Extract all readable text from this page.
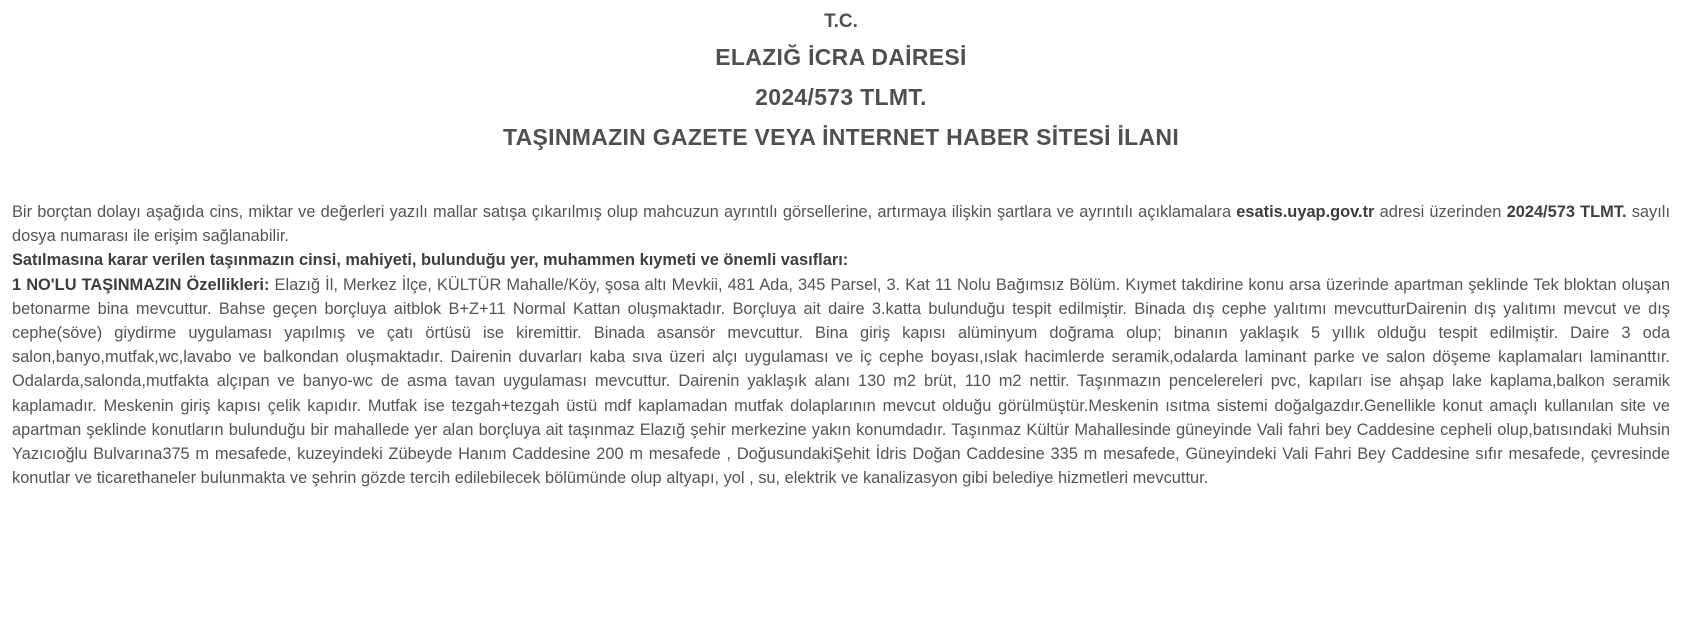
T.C.

ELAZIĞ İCRA DAİRESİ

2024/573 TLMT.

TAŞINMAZIN GAZETE VEYA İNTERNET HABER SİTESİ İLANI

Bir borçtan dolayı aşağıda cins, miktar ve değerleri yazılı mallar satışa çıkarılmış olup mahcuzun ayrıntılı görsellerine, artırmaya ilişkin şartlara ve ayrıntılı açıklamalara esatis.uyap.gov.tr adresi üzerinden 2024/573 TLMT. sayılı dosya numarası ile erişim sağlanabilir.

Satılmasına karar verilen taşınmazın cinsi, mahiyeti, bulunduğu yer, muhammen kıymeti ve önemli vasıfları:

1 NO'LU TAŞINMAZIN Özellikleri: Elazığ İl, Merkez İlçe, KÜLTÜR Mahalle/Köy, şosa altı Mevkii, 481 Ada, 345 Parsel, 3. Kat 11 Nolu Bağımsız Bölüm. Kıymet takdirine konu arsa üzerinde apartman şeklinde Tek bloktan oluşan betonarme bina mevcuttur. Bahse geçen borçluya aitblok B+Z+11 Normal Kattan oluşmaktadır. Borçluya ait daire 3.katta bulunduğu tespit edilmiştir. Binada dış cephe yalıtımı mevcutturDairenin dış yalıtımı mevcut ve dış cephe(söve) giydirme uygulaması yapılmış ve çatı örtüsü ise kiremittir. Binada asansör mevcuttur. Bina giriş kapısı alüminyum doğrama olup; binanın yaklaşık 5 yıllık olduğu tespit edilmiştir. Daire 3 oda salon,banyo,mutfak,wc,lavabo ve balkondan oluşmaktadır. Dairenin duvarları kaba sıva üzeri alçı uygulaması ve iç cephe boyası,ıslak hacimlerde seramik,odalarda laminant parke ve salon döşeme kaplamaları laminanttır. Odalarda,salonda,mutfakta alçıpan ve banyo-wc de asma tavan uygulaması mevcuttur. Dairenin yaklaşık alanı 130 m2 brüt, 110 m2 nettir. Taşınmazın pencelereleri pvc, kapıları ise ahşap lake kaplama,balkon seramik kaplamadır. Meskenin giriş kapısı çelik kapıdır. Mutfak ise tezgah+tezgah üstü mdf kaplamadan mutfak dolaplarının mevcut olduğu görülmüştür.Meskenin ısıtma sistemi doğalgazdır.Genellikle konut amaçlı kullanılan site ve apartman şeklinde konutların bulunduğu bir mahallede yer alan borçluya ait taşınmaz Elazığ şehir merkezine yakın konumdadır. Taşınmaz Kültür Mahallesinde güneyinde Vali fahri bey Caddesine cepheli olup,batısındaki Muhsin Yazıcıoğlu Bulvarına375 m mesafede, kuzeyindeki Zübeyde Hanım Caddesine 200 m mesafede , DoğusundakiŞehit İdris Doğan Caddesine 335 m mesafede, Güneyindeki Vali Fahri Bey Caddesine sıfır mesafede, çevresinde konutlar ve ticarethaneler bulunmakta ve şehrin gözde tercih edilebilecek bölümünde olup altyapı, yol , su, elektrik ve kanalizasyon gibi belediye hizmetleri mevcuttur.
